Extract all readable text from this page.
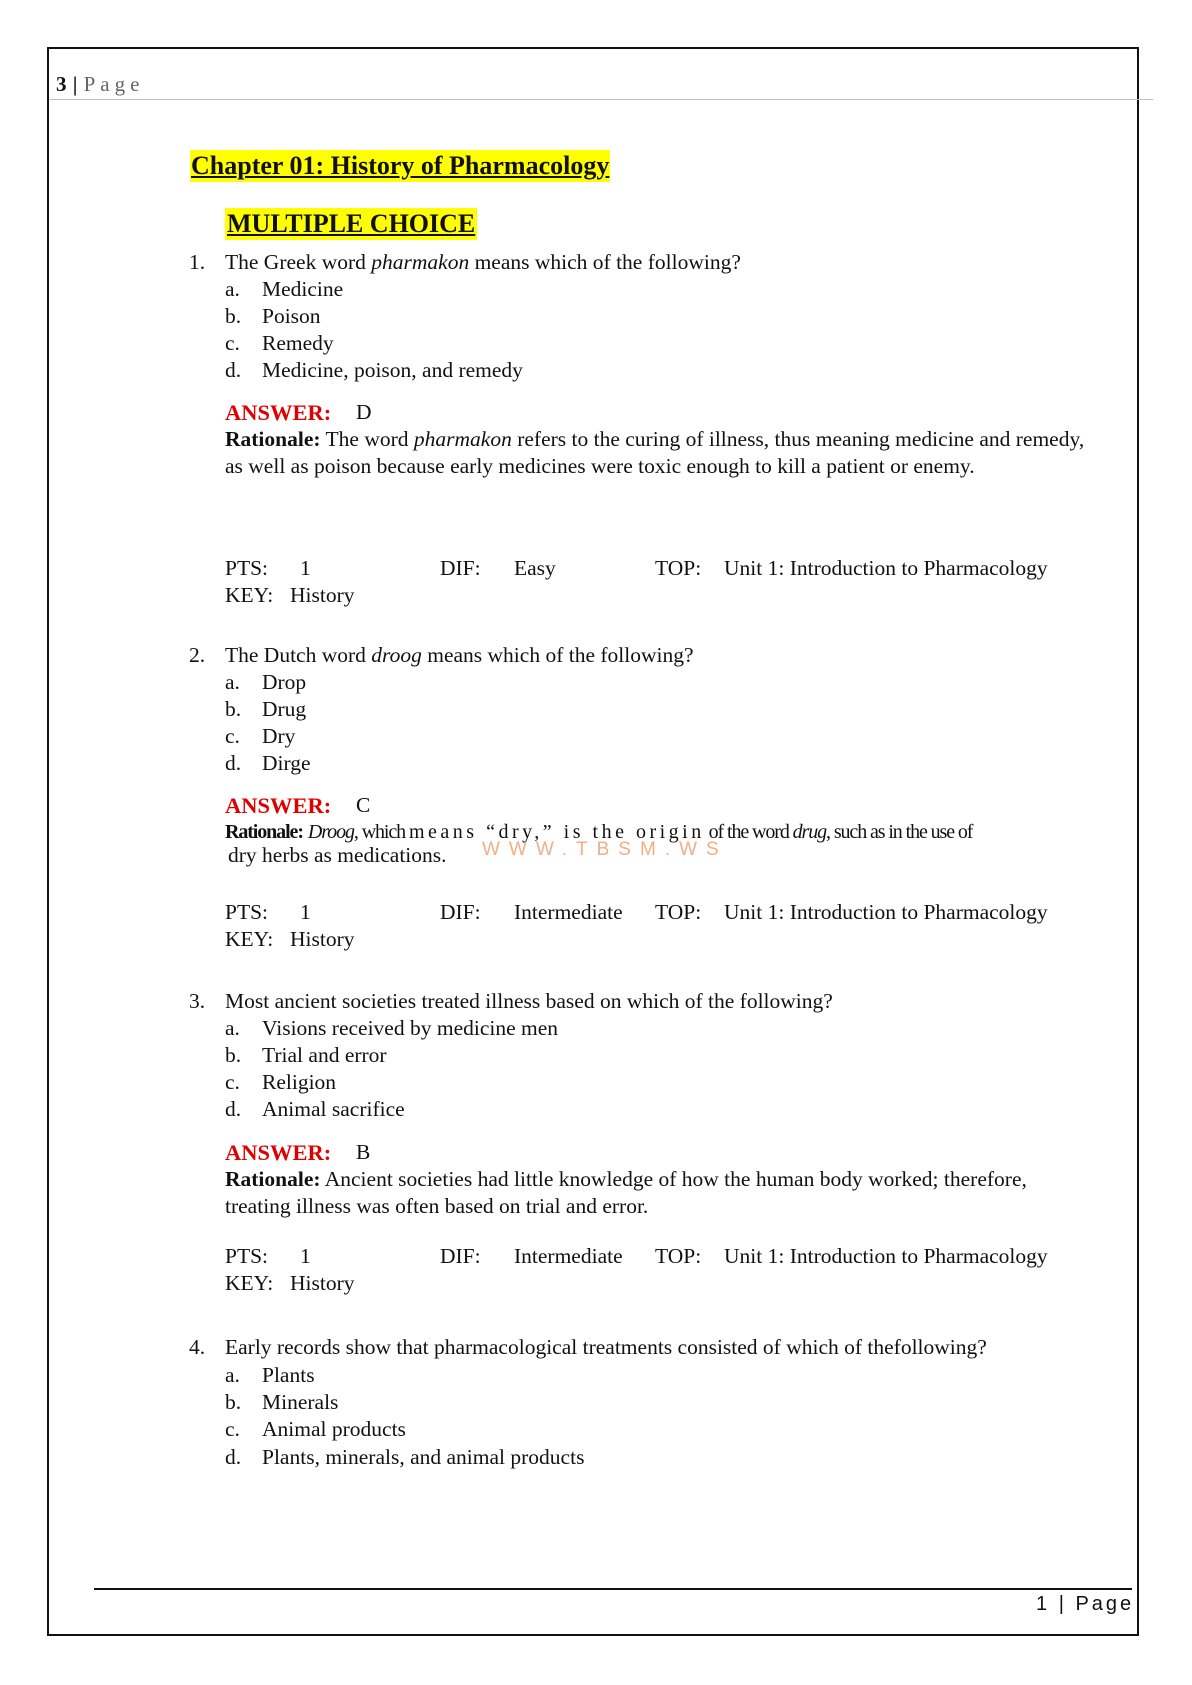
3 | Page
Chapter 01: History of Pharmacology
MULTIPLE CHOICE
1. The Greek word pharmakon means which of the following?
a. Medicine
b. Poison
c. Remedy
d. Medicine, poison, and remedy
ANSWER: D
Rationale: The word pharmakon refers to the curing of illness, thus meaning medicine and remedy, as well as poison because early medicines were toxic enough to kill a patient or enemy.
PTS: 1	DIF: Easy	TOP: Unit 1: Introduction to Pharmacology
KEY: History
2. The Dutch word droog means which of the following?
a. Drop
b. Drug
c. Dry
d. Dirge
ANSWER: C
Rationale: Droog, which means “dry,” is the origin of the word drug, such as in the use of
dry herbs as medications.
PTS: 1	DIF: Intermediate TOP: Unit 1: Introduction to Pharmacology
KEY: History
WWW.TBSM.WS
3. Most ancient societies treated illness based on which of the following?
a. Visions received by medicine men
b. Trial and error
c. Religion
d. Animal sacrifice
ANSWER: B
Rationale: Ancient societies had little knowledge of how the human body worked; therefore, treating illness was often based on trial and error.
PTS: 1	DIF: Intermediate TOP: Unit 1: Introduction to Pharmacology
KEY: History
4. Early records show that pharmacological treatments consisted of which of thefollowing?
a. Plants
b. Minerals
c. Animal products
d. Plants, minerals, and animal products
1 | Page
